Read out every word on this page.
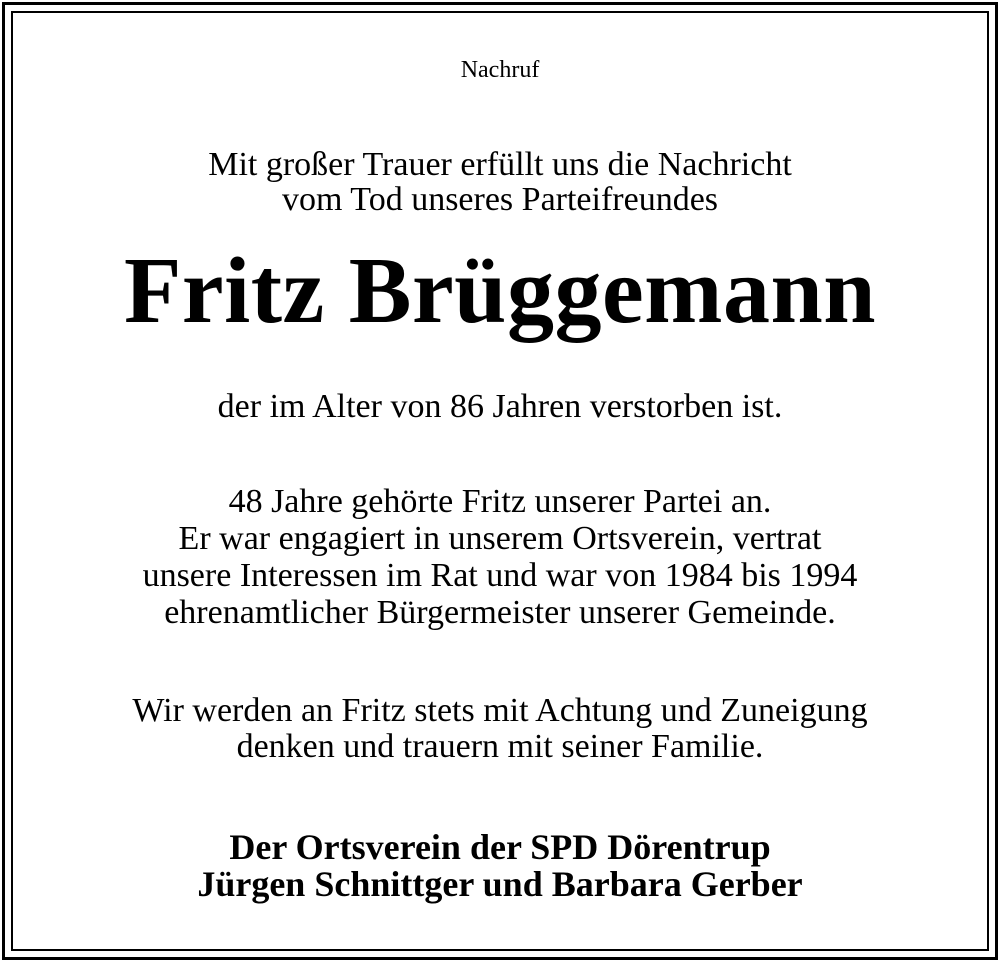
Nachruf
Mit großer Trauer erfüllt uns die Nachricht
vom Tod unseres Parteifreundes
Fritz Brüggemann
der im Alter von 86 Jahren verstorben ist.
48 Jahre gehörte Fritz unserer Partei an.
Er war engagiert in unserem Ortsverein, vertrat
unsere Interessen im Rat und war von 1984 bis 1994
ehrenamtlicher Bürgermeister unserer Gemeinde.
Wir werden an Fritz stets mit Achtung und Zuneigung
denken und trauern mit seiner Familie.
Der Ortsverein der SPD Dörentrup
Jürgen Schnittger und Barbara Gerber
